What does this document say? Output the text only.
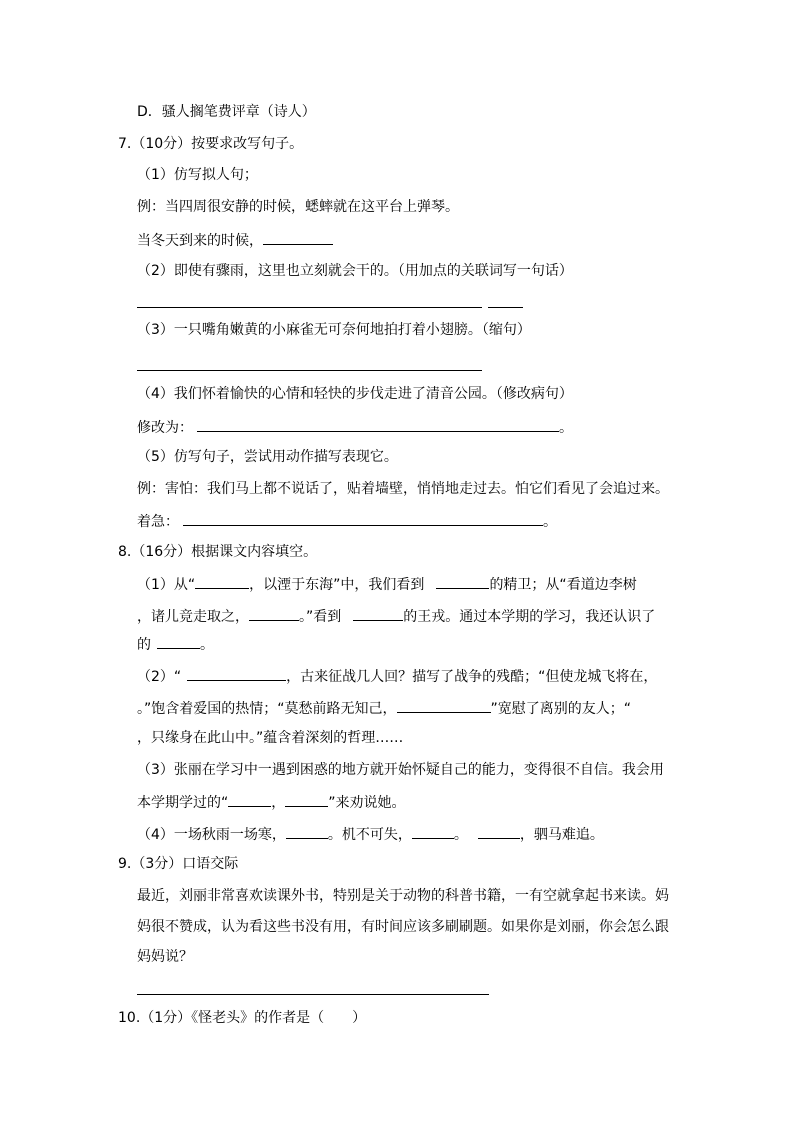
D．骚人搁笔费评章（诗人）
7.（10分）按要求改写句子。
（1）仿写拟人句；
例：当四周很安静的时候，蟋蟀就在这平台上弹琴。
当冬天到来的时候，
（2）即使有骤雨，这里也立刻就会干的。（用加点的关联词写一句话）
（3）一只嘴角嫩黄的小麻雀无可奈何地拍打着小翅膀。（缩句）
（4）我们怀着愉快的心情和轻快的步伐走进了清音公园。（修改病句）
修改为：	。
（5）仿写句子，尝试用动作描写表现它。
例：害怕：我们马上都不说话了，贴着墙壁，悄悄地走过去。怕它们看见了会追过来。
着急：	。
8.（16分）根据课文内容填空。
（1）从“	，以湮于东海”中，我们看到	的精卫；从“看道边李树
，诸儿竞走取之，	。”看到	的王戎。通过本学期的学习，我还认识了
的	。
（2）“	，古来征战几人回？描写了战争的残酷；“但使龙城飞将在，
。”饱含着爱国的热情；“莫愁前路无知己，	”宽慰了离别的友人；“
，只缘身在此山中。”蕴含着深刻的哲理……
（3）张丽在学习中一遇到困惑的地方就开始怀疑自己的能力，变得很不自信。我会用
本学期学过的“	，	”来劝说她。
（4）一场秋雨一场寒，	。机不可失，	。	，驷马难追。
9.（3分）口语交际
最近，刘丽非常喜欢读课外书，特别是关于动物的科普书籍，一有空就拿起书来读。妈
妈很不赞成，认为看这些书没有用，有时间应该多刷刷题。如果你是刘丽，你会怎么跟
妈妈说？
10.（1分）《怪老头》的作者是（　　）
